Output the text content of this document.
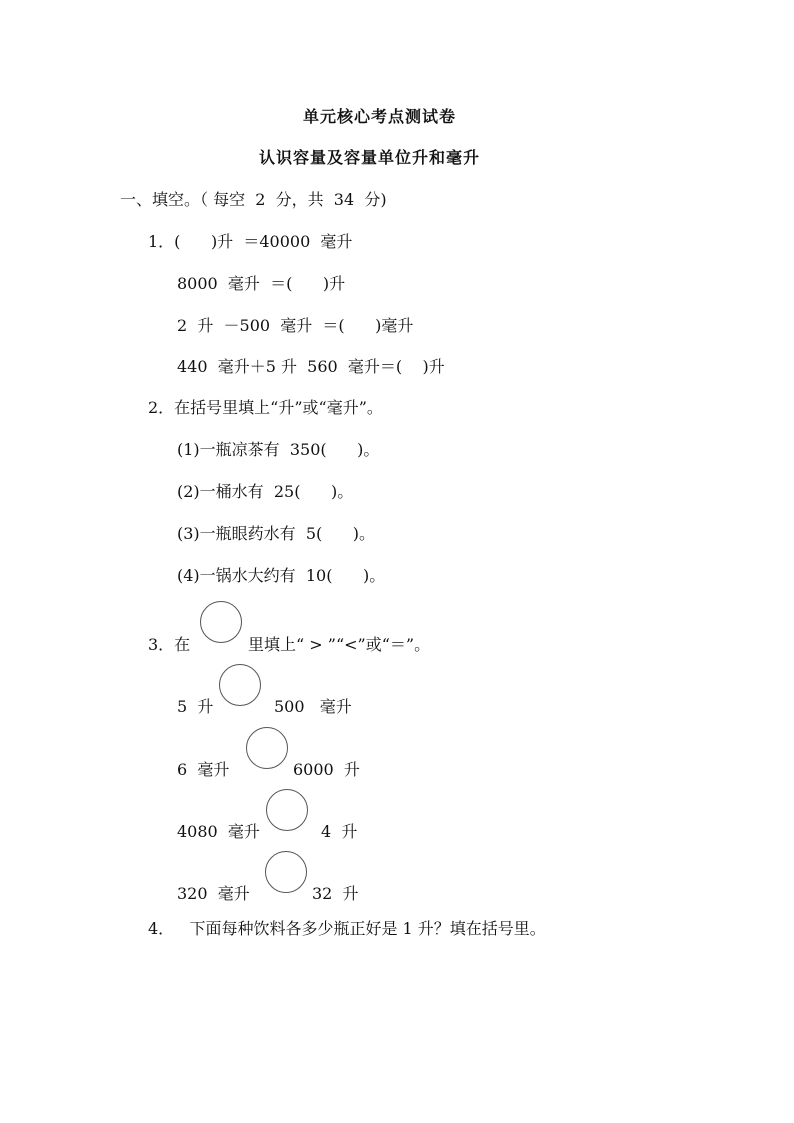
单元核心考点测试卷
认识容量及容量单位升和毫升
一、填空。（ 每空  2  分，共  34  分)
1．(      )升  ＝40000  毫升
8000  毫升  ＝(      )升
2  升  －500  毫升  ＝(      )毫升
440  毫升＋5 升  560  毫升＝(    )升
2．在括号里填上“升”或“毫升”。
(1)一瓶凉茶有  350(      )。
(2)一桶水有  25(      )。
(3)一瓶眼药水有  5(      )。
(4)一锅水大约有  10(      )。
3．在	里填上“ > ”“<”或“＝”。
5  升	500   毫升
6  毫升	6000  升
4080  毫升	4  升
320  毫升	32  升
4．   下面每种饮料各多少瓶正好是 1 升？填在括号里。
